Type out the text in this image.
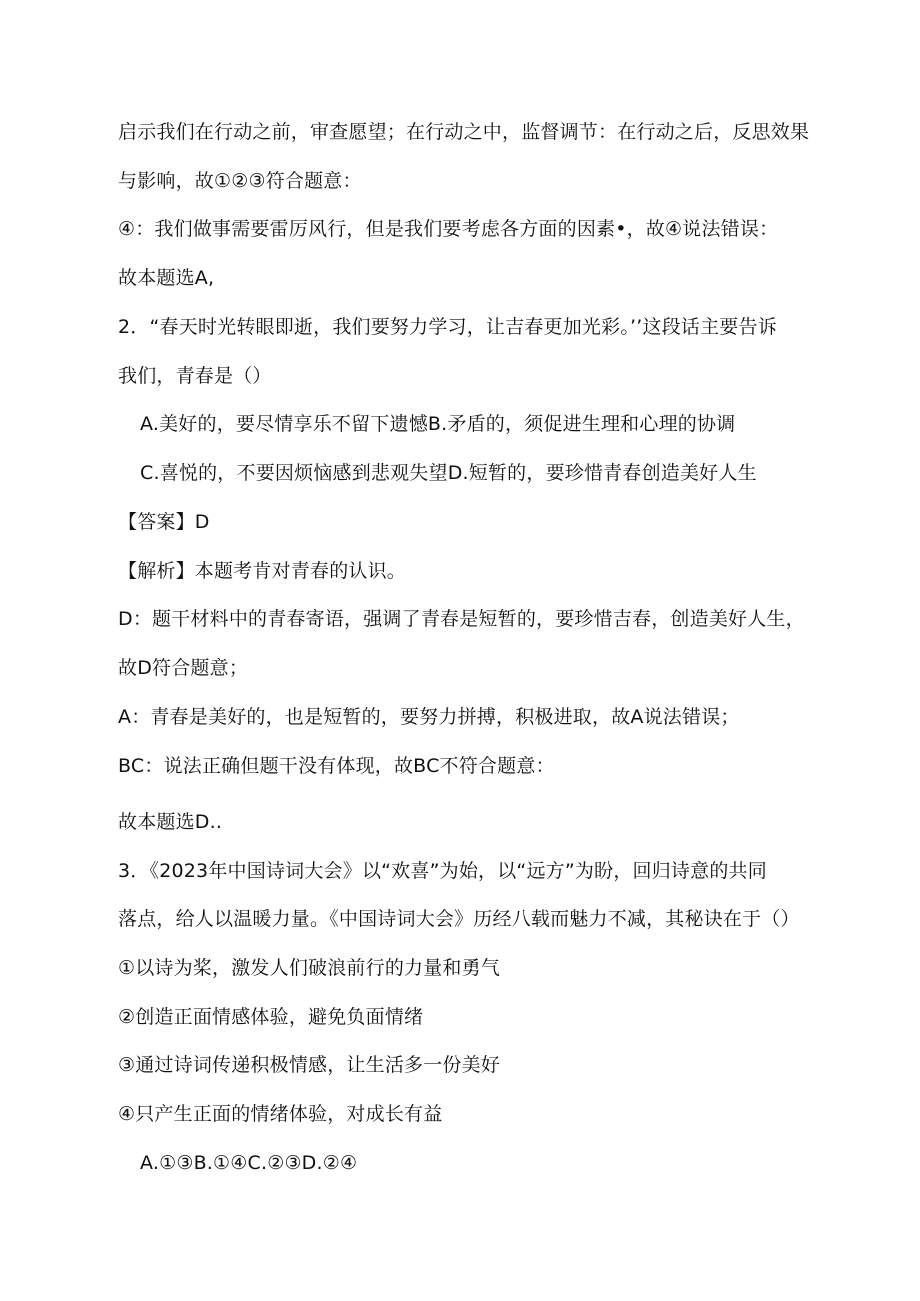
启示我们在行动之前，审查愿望；在行动之中，监督调节：在行动之后，反思效果

与影响，故①②③符合题意：

④：我们做事需要雷厉风行，但是我们要考虑各方面的因素•，故④说法错误：

故本题选A,

2．“春天时光转眼即逝，我们要努力学习，让吉春更加光彩。’’这段话主要告诉

我们，青春是（）

A.美好的，要尽情享乐不留下遗憾B.矛盾的，须促进生理和心理的协调

C.喜悦的，不要因烦恼感到悲观失望D.短暂的，要珍惜青春创造美好人生

【答案】D

【解析】本题考肯对青春的认识。

D：题干材料中的青春寄语，强调了青春是短暂的，要珍惜吉春，创造美好人生，

故D符合题意；

A：青春是美好的，也是短暂的，要努力拼搏，积极进取，故A说法错误；

BC：说法正确但题干没有体现，故BC不符合题意：

故本题选D..

3．《2023年中国诗词大会》以“欢喜”为始，以“远方”为盼，回归诗意的共同

落点，给人以温暖力量。《中国诗词大会》历经八载而魅力不减，其秘诀在于（）

①以诗为桨，激发人们破浪前行的力量和勇气

②创造正面情感体验，避免负面情绪

③通过诗词传递积极情感，让生活多一份美好

④只产生正面的情绪体验，对成长有益

A.①③B.①④C.②③D.②④
